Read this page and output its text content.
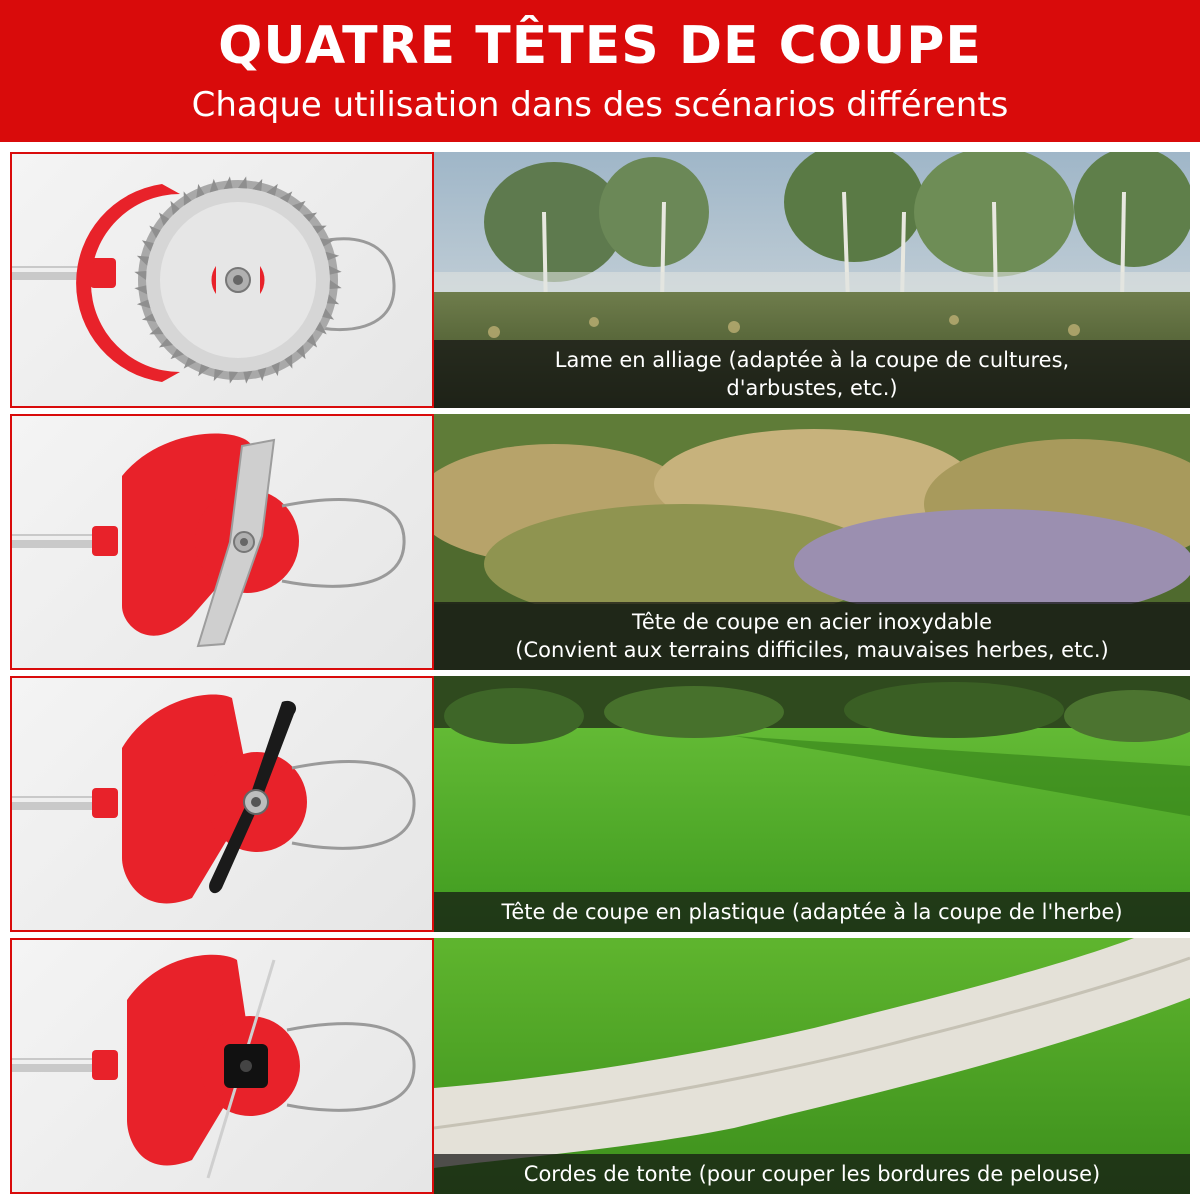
QUATRE TÊTES DE COUPE
Chaque utilisation dans des scénarios différents
Lame en alliage (adaptée à la coupe de cultures,
d'arbustes, etc.)
Tête de coupe en acier inoxydable
(Convient aux terrains difficiles, mauvaises herbes, etc.)
Tête de coupe en plastique (adaptée à la coupe de l'herbe)
Cordes de tonte (pour couper les bordures de pelouse)
